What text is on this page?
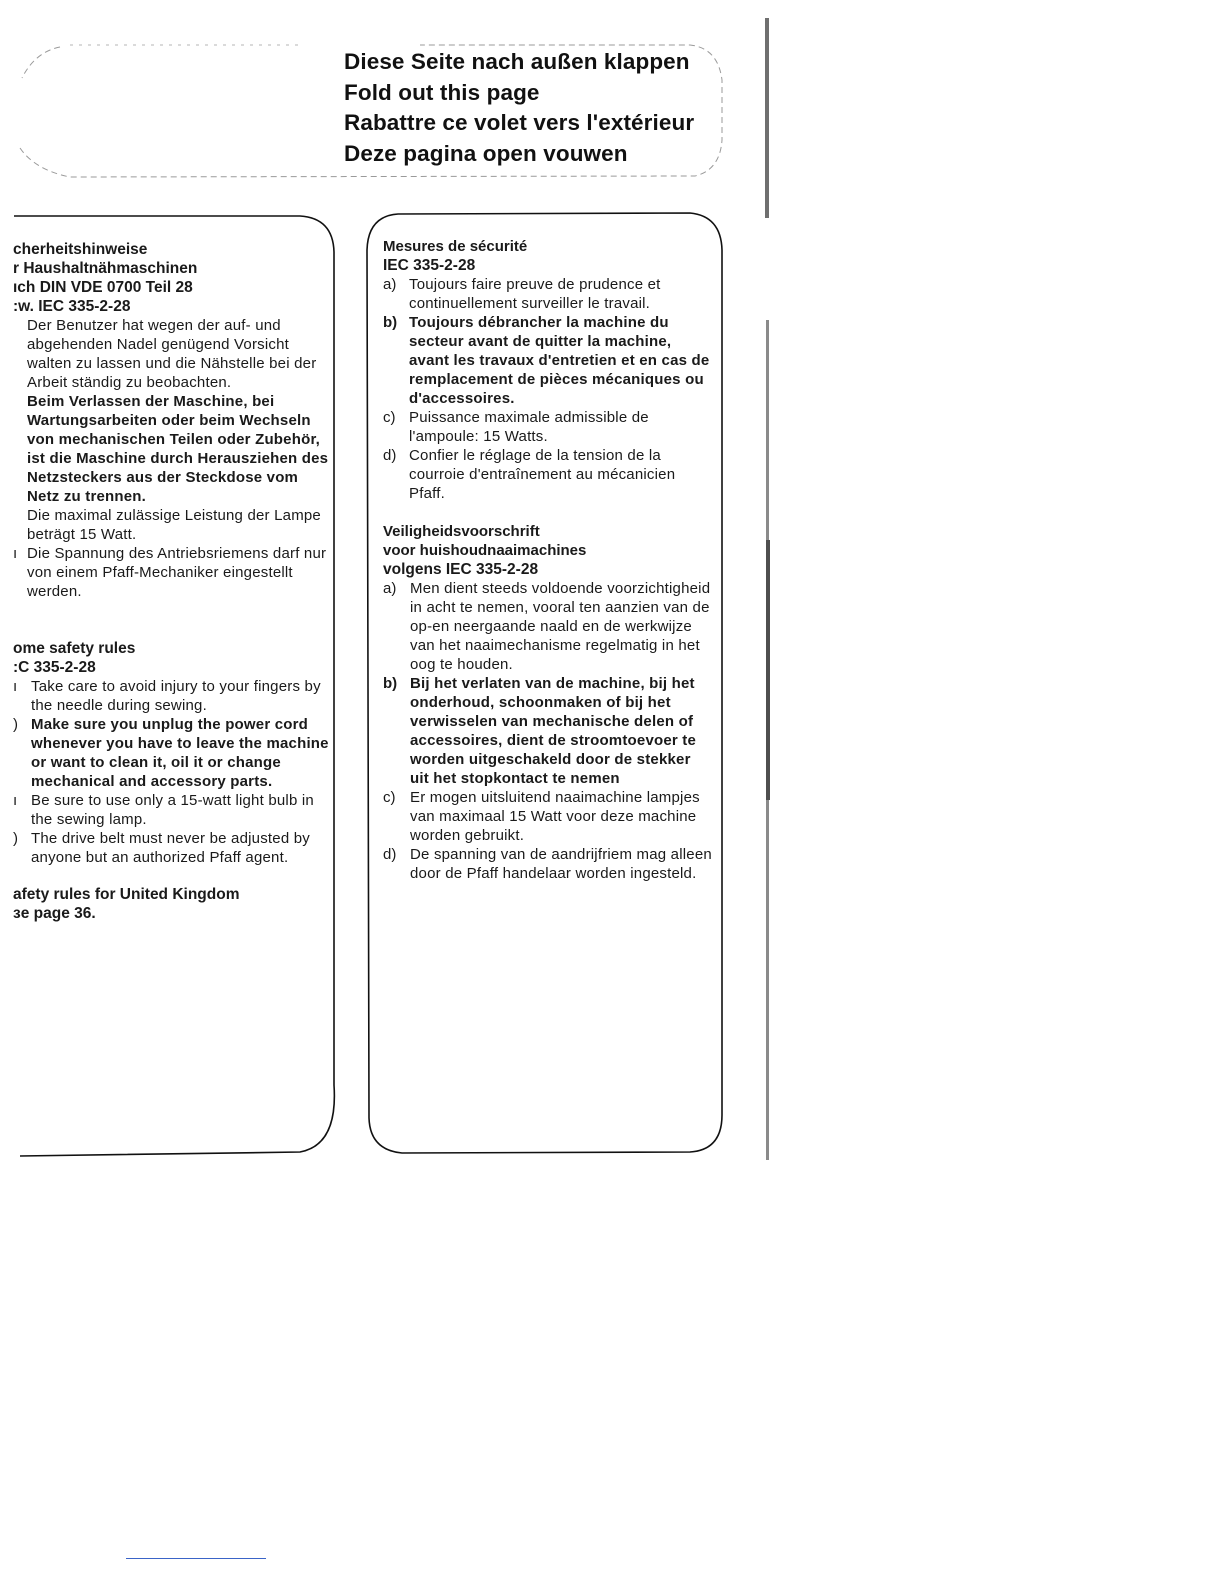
Diese Seite nach außen klappen
Fold out this page
Rabattre ce volet vers l'extérieur
Deze pagina open vouwen
cherheitshinweise
r Haushaltnähmaschinen
ıch DIN VDE 0700 Teil 28
:w. IEC 335-2-28
Der Benutzer hat wegen der auf- und abgehenden Nadel genügend Vorsicht walten zu lassen und die Nähstelle bei der Arbeit ständig zu beobachten.
Beim Verlassen der Maschine, bei Wartungsarbeiten oder beim Wechseln von mechanischen Teilen oder Zubehör, ist die Maschine durch Herausziehen des Netzsteckers aus der Steckdose vom Netz zu trennen.
Die maximal zulässige Leistung der Lampe beträgt 15 Watt.
ı Die Spannung des Antriebsriemens darf nur von einem Pfaff-Mechaniker eingestellt werden.
ome safety rules
:C 335-2-28
ı Take care to avoid injury to your fingers by the needle during sewing.
) Make sure you unplug the power cord whenever you have to leave the machine or want to clean it, oil it or change mechanical and accessory parts.
ı Be sure to use only a 15-watt light bulb in the sewing lamp.
) The drive belt must never be adjusted by anyone but an authorized Pfaff agent.
afety rules for United Kingdom
ɜe page 36.
Mesures de sécurité
IEC 335-2-28
a) Toujours faire preuve de prudence et continuellement surveiller le travail.
b) Toujours débrancher la machine du secteur avant de quitter la machine, avant les travaux d'entretien et en cas de remplacement de pièces mécaniques ou d'accessoires.
c) Puissance maximale admissible de l'ampoule: 15 Watts.
d) Confier le réglage de la tension de la courroie d'entraînement au mécanicien Pfaff.
Veiligheidsvoorschrift
voor huishoudnaaimachines
volgens IEC 335-2-28
a) Men dient steeds voldoende voorzichtigheid in acht te nemen, vooral ten aanzien van de op-en neergaande naald en de werkwijze van het naaimechanisme regelmatig in het oog te houden.
b) Bij het verlaten van de machine, bij het onderhoud, schoonmaken of bij het verwisselen van mechanische delen of accessoires, dient de stroomtoevoer te worden uitgeschakeld door de stekker uit het stopkontact te nemen
c) Er mogen uitsluitend naaimachine lampjes van maximaal 15 Watt voor deze machine worden gebruikt.
d) De spanning van de aandrijfriem mag alleen door de Pfaff handelaar worden ingesteld.
